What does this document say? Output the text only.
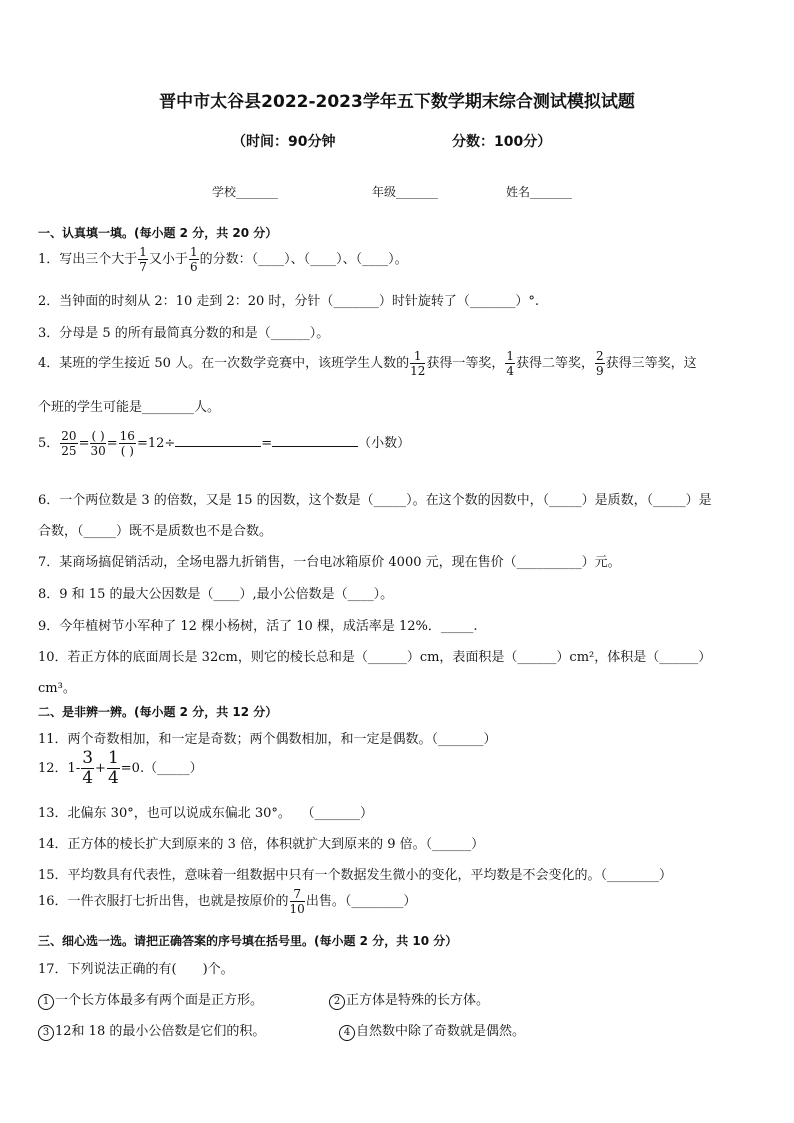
晋中市太谷县2022-2023学年五下数学期末综合测试模拟试题
（时间：90分钟	分数：100分）
学校_______	年级_______	姓名_______
一、认真填一填。(每小题 2 分，共 20 分）
1．写出三个大于 $\frac{1}{7}$ 又小于 $\frac{1}{6}$ 的分数：（____）、（____）、（____）。
2．当钟面的时刻从 2：10 走到 2：20 时，分针（_______）时针旋转了（_______）°.
3．分母是 5 的所有最简真分数的和是（______）。
4．某班的学生接近 50 人。在一次数学竞赛中，该班学生人数的 $\frac{1}{12}$ 获得一等奖， $\frac{1}{4}$ 获得二等奖， $\frac{2}{9}$ 获得三等奖，这
个班的学生可能是________人。
5． $\frac{20}{25} = \frac{( )}{30} = \frac{16}{( )} =12\div$	=	（小数）
6．一个两位数是 3 的倍数，又是 15 的因数，这个数是（_____）。在这个数的因数中，（_____）是质数，（_____）是
合数，（_____）既不是质数也不是合数。
7．某商场搞促销活动，全场电器九折销售，一台电冰箱原价 4000 元，现在售价（__________）元。
8．9 和 15 的最大公因数是（____）,最小公倍数是（____）。
9．今年植树节小军种了 12 棵小杨树，活了 10 棵，成活率是 12%．_____.
10．若正方体的底面周长是 32cm，则它的棱长总和是（______）cm，表面积是（______）cm²，体积是（______）
cm³。
二、是非辨一辨。(每小题 2 分，共 12 分）
11．两个奇数相加，和一定是奇数；两个偶数相加，和一定是偶数。（_______）
12．$1- \frac{3}{4} + \frac{1}{4}$ =0.（_____）
13．北偏东 30°，也可以说成东偏北 30°。　 （_______）
14．正方体的棱长扩大到原来的 3 倍，体积就扩大到原来的 9 倍。（______）
15．平均数具有代表性，意味着一组数据中只有一个数据发生微小的变化，平均数是不会变化的。（________）
16．一件衣服打七折出售，也就是按原价的 $\frac{7}{10}$ 出售。（________）
三、细心选一选。请把正确答案的序号填在括号里。(每小题 2 分，共 10 分）
17．下列说法正确的有(　　)个。
1 一个长方体最多有两个面是正方形。	2 正方体是特殊的长方体。
3 12和 18 的最小公倍数是它们的积。	4 自然数中除了奇数就是偶然。
